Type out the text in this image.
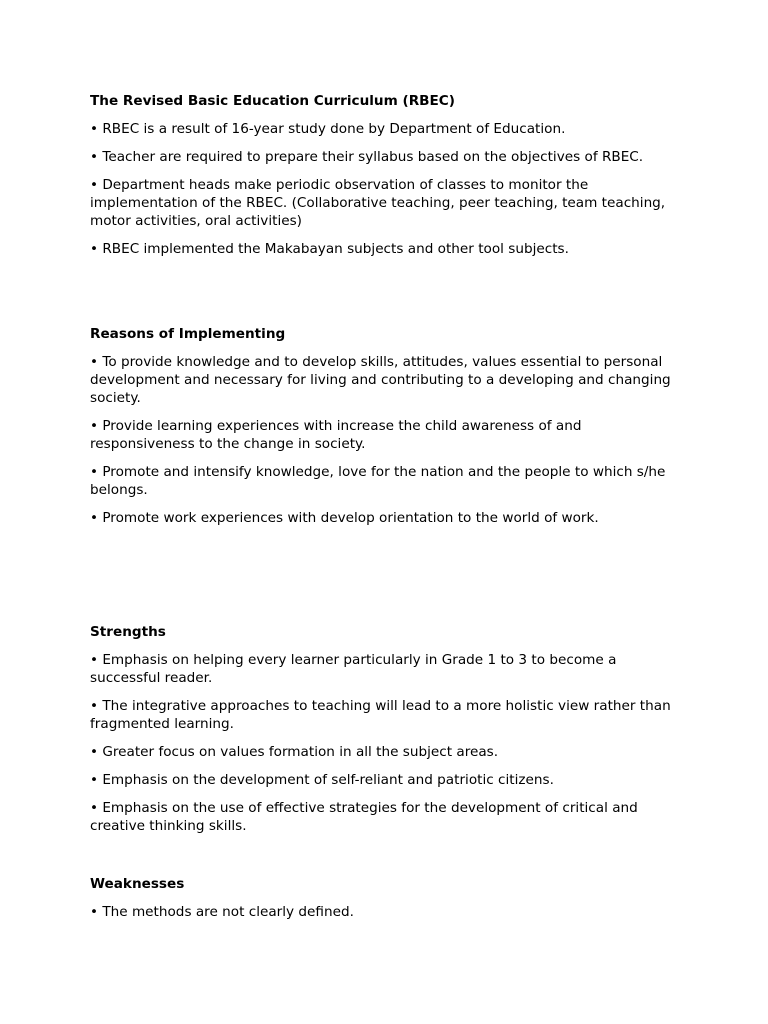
The Revised Basic Education Curriculum (RBEC)
• RBEC is a result of 16-year study done by Department of Education.
• Teacher are required to prepare their syllabus based on the objectives of RBEC.
• Department heads make periodic observation of classes to monitor the implementation of the RBEC. (Collaborative teaching, peer teaching, team teaching, motor activities, oral activities)
• RBEC implemented the Makabayan subjects and other tool subjects.
Reasons of Implementing
• To provide knowledge and to develop skills, attitudes, values essential to personal development and necessary for living and contributing to a developing and changing society.
• Provide learning experiences with increase the child awareness of and responsiveness to the change in society.
• Promote and intensify knowledge, love for the nation and the people to which s/he belongs.
• Promote work experiences with develop orientation to the world of work.
Strengths
• Emphasis on helping every learner particularly in Grade 1 to 3 to become a successful reader.
• The integrative approaches to teaching will lead to a more holistic view rather than fragmented learning.
• Greater focus on values formation in all the subject areas.
• Emphasis on the development of self-reliant and patriotic citizens.
• Emphasis on the use of effective strategies for the development of critical and creative thinking skills.
Weaknesses
• The methods are not clearly defined.
